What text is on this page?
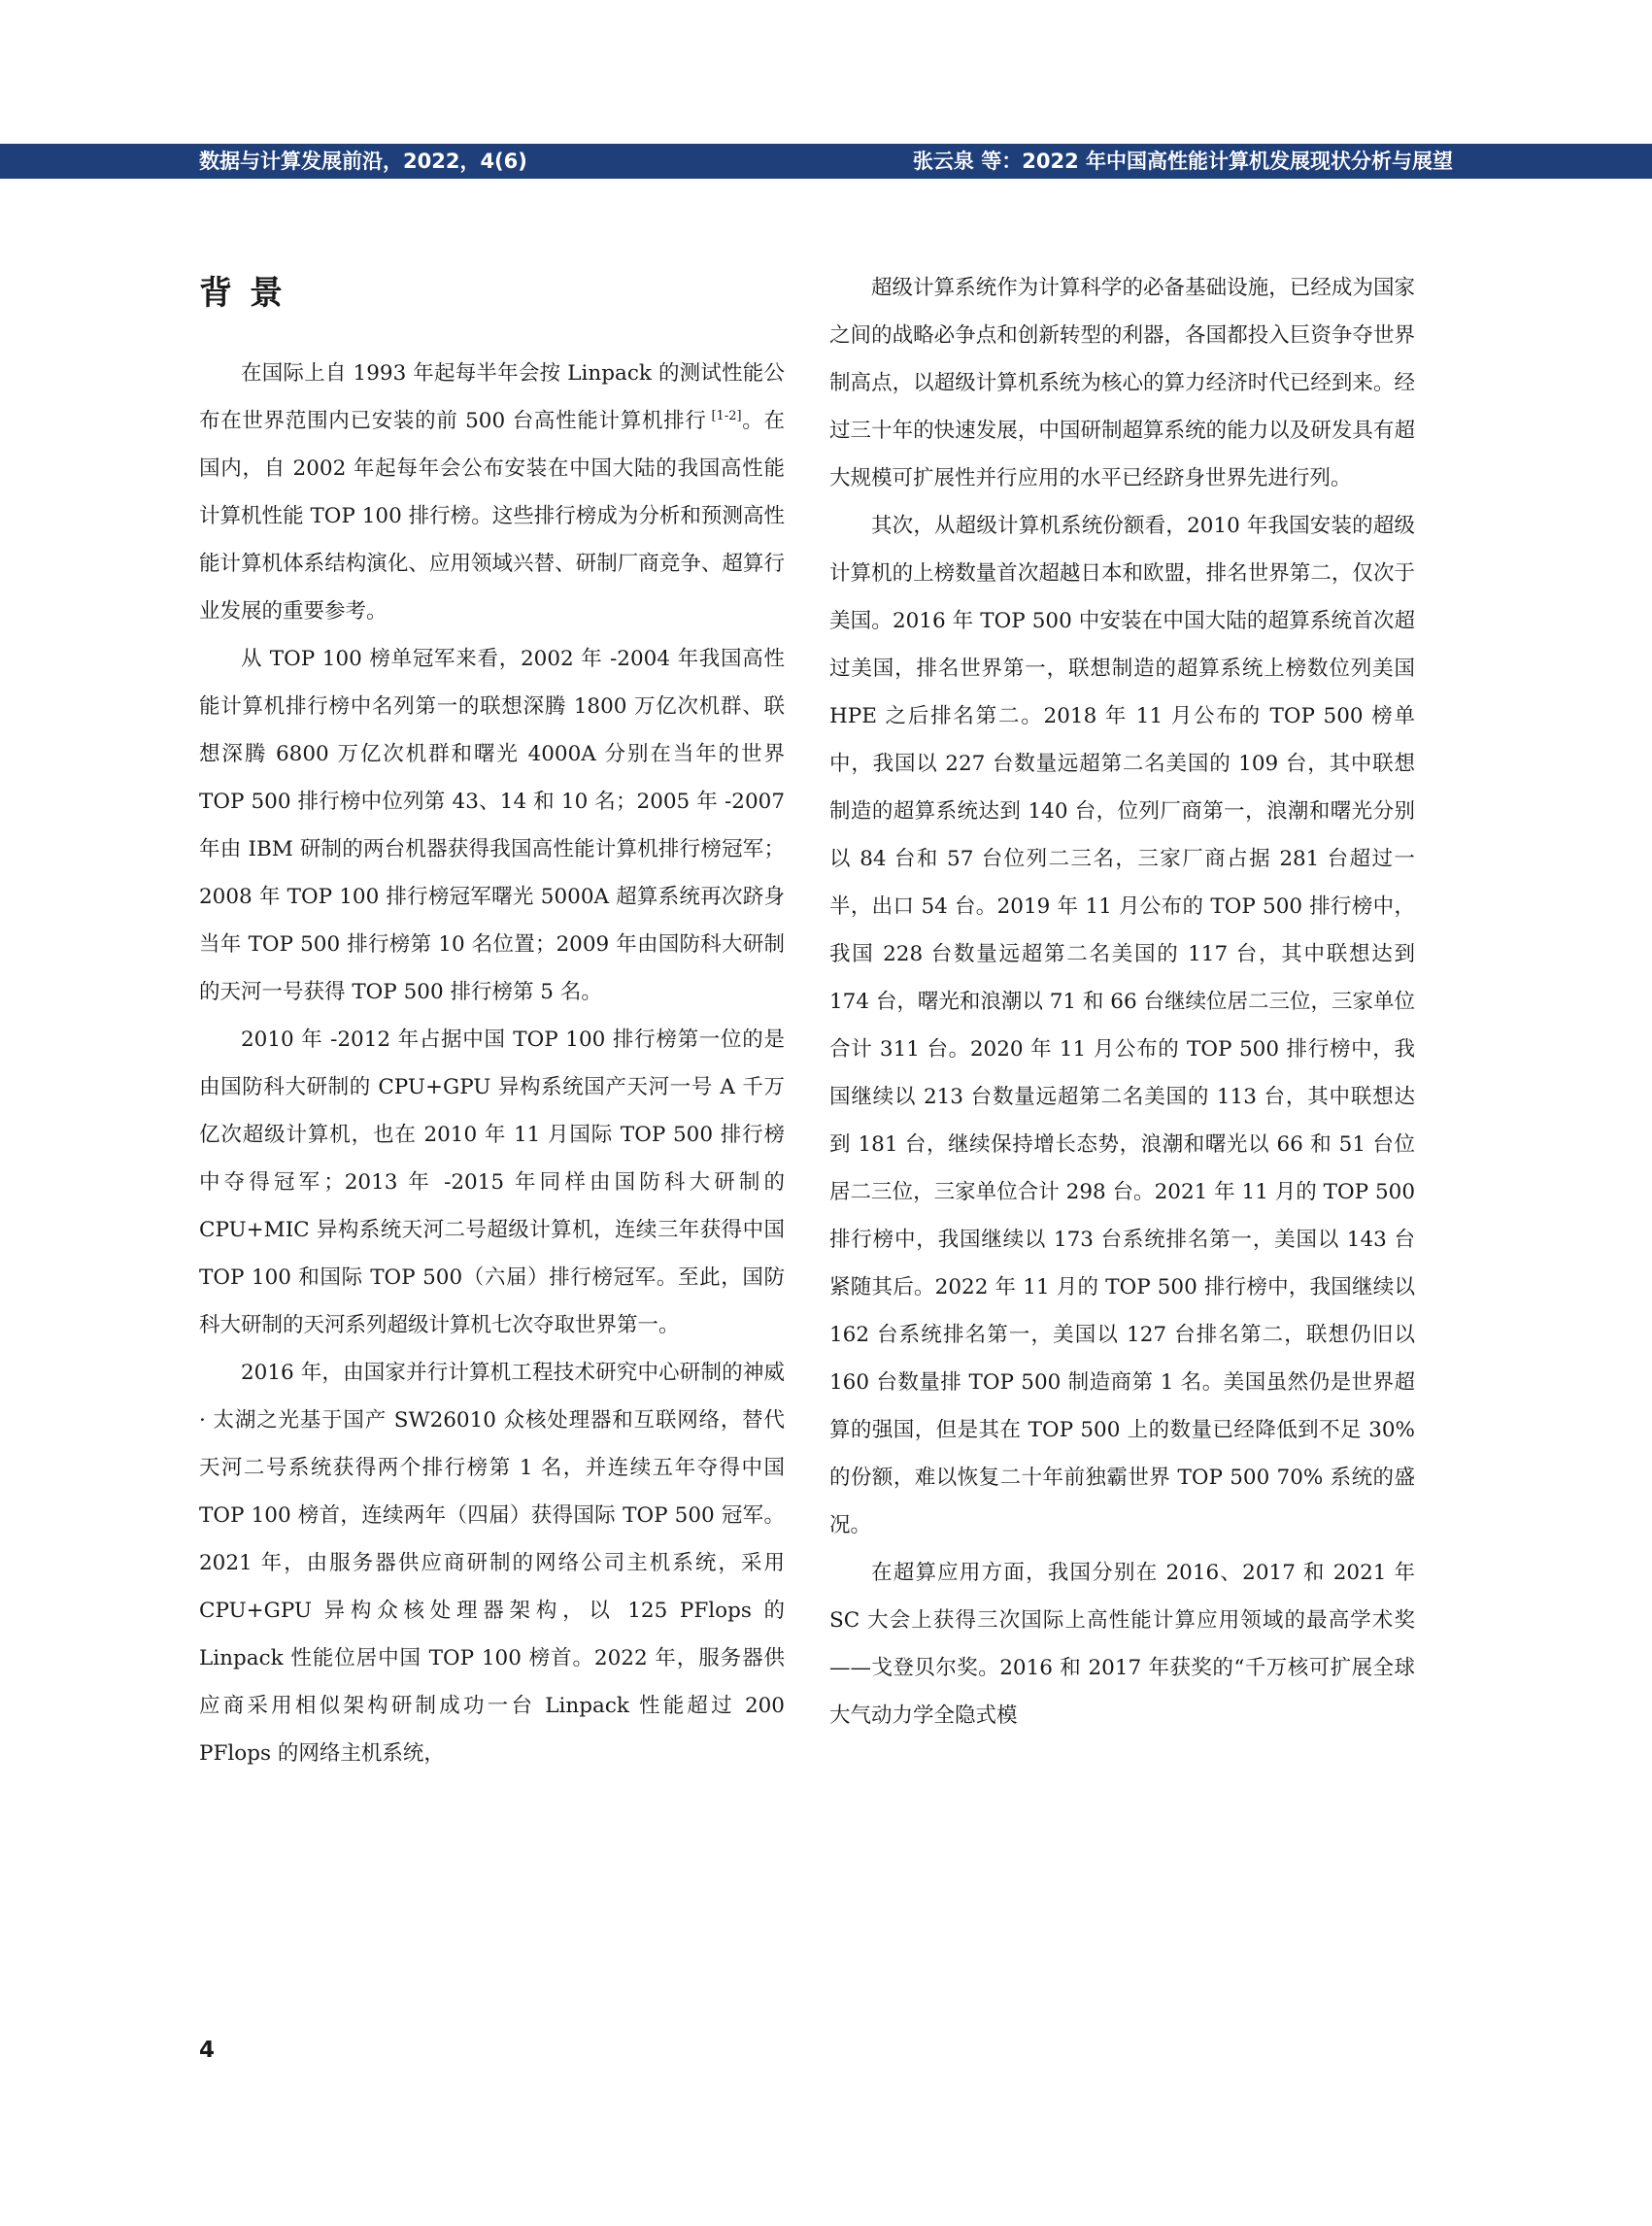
数据与计算发展前沿，2022，4(6)	张云泉 等：2022 年中国高性能计算机发展现状分析与展望
背景

在国际上自 1993 年起每半年会按 Linpack 的测试性能公布在世界范围内已安装的前 500 台高性能计算机排行 [1-2]。在国内，自 2002 年起每年会公布安装在中国大陆的我国高性能计算机性能 TOP 100 排行榜。这些排行榜成为分析和预测高性能计算机体系结构演化、应用领域兴替、研制厂商竞争、超算行业发展的重要参考。

从 TOP 100 榜单冠军来看，2002 年 -2004 年我国高性能计算机排行榜中名列第一的联想深腾 1800 万亿次机群、联想深腾 6800 万亿次机群和曙光 4000A 分别在当年的世界 TOP 500 排行榜中位列第 43、14 和 10 名；2005 年 -2007 年由 IBM 研制的两台机器获得我国高性能计算机排行榜冠军；2008 年 TOP 100 排行榜冠军曙光 5000A 超算系统再次跻身当年 TOP 500 排行榜第 10 名位置；2009 年由国防科大研制的天河一号获得 TOP 500 排行榜第 5 名。

2010 年 -2012 年占据中国 TOP 100 排行榜第一位的是由国防科大研制的 CPU+GPU 异构系统国产天河一号 A 千万亿次超级计算机，也在 2010 年 11 月国际 TOP 500 排行榜中夺得冠军；2013 年 -2015 年同样由国防科大研制的 CPU+MIC 异构系统天河二号超级计算机，连续三年获得中国 TOP 100 和国际 TOP 500（六届）排行榜冠军。至此，国防科大研制的天河系列超级计算机七次夺取世界第一。

2016 年，由国家并行计算机工程技术研究中心研制的神威 · 太湖之光基于国产 SW26010 众核处理器和互联网络，替代天河二号系统获得两个排行榜第 1 名，并连续五年夺得中国 TOP 100 榜首，连续两年（四届）获得国际 TOP 500 冠军。2021 年，由服务器供应商研制的网络公司主机系统，采用 CPU+GPU 异构众核处理器架构，以 125 PFlops 的 Linpack 性能位居中国 TOP 100 榜首。2022 年，服务器供应商采用相似架构研制成功一台 Linpack 性能超过 200 PFlops 的网络主机系统，

超级计算系统作为计算科学的必备基础设施，已经成为国家之间的战略必争点和创新转型的利器，各国都投入巨资争夺世界制高点，以超级计算机系统为核心的算力经济时代已经到来。经过三十年的快速发展，中国研制超算系统的能力以及研发具有超大规模可扩展性并行应用的水平已经跻身世界先进行列。

其次，从超级计算机系统份额看，2010 年我国安装的超级计算机的上榜数量首次超越日本和欧盟，排名世界第二，仅次于美国。2016 年 TOP 500 中安装在中国大陆的超算系统首次超过美国，排名世界第一，联想制造的超算系统上榜数位列美国 HPE 之后排名第二。2018 年 11 月公布的 TOP 500 榜单中，我国以 227 台数量远超第二名美国的 109 台，其中联想制造的超算系统达到 140 台，位列厂商第一，浪潮和曙光分别以 84 台和 57 台位列二三名，三家厂商占据 281 台超过一半，出口 54 台。2019 年 11 月公布的 TOP 500 排行榜中，我国 228 台数量远超第二名美国的 117 台，其中联想达到 174 台，曙光和浪潮以 71 和 66 台继续位居二三位，三家单位合计 311 台。2020 年 11 月公布的 TOP 500 排行榜中，我国继续以 213 台数量远超第二名美国的 113 台，其中联想达到 181 台，继续保持增长态势，浪潮和曙光以 66 和 51 台位居二三位，三家单位合计 298 台。2021 年 11 月的 TOP 500 排行榜中，我国继续以 173 台系统排名第一，美国以 143 台紧随其后。2022 年 11 月的 TOP 500 排行榜中，我国继续以 162 台系统排名第一，美国以 127 台排名第二，联想仍旧以 160 台数量排 TOP 500 制造商第 1 名。美国虽然仍是世界超算的强国，但是其在 TOP 500 上的数量已经降低到不足 30% 的份额，难以恢复二十年前独霸世界 TOP 500 70% 系统的盛况。

在超算应用方面，我国分别在 2016、2017 和 2021 年 SC 大会上获得三次国际上高性能计算应用领域的最高学术奖——戈登贝尔奖。2016 和 2017 年获奖的“千万核可扩展全球大气动力学全隐式模

4
